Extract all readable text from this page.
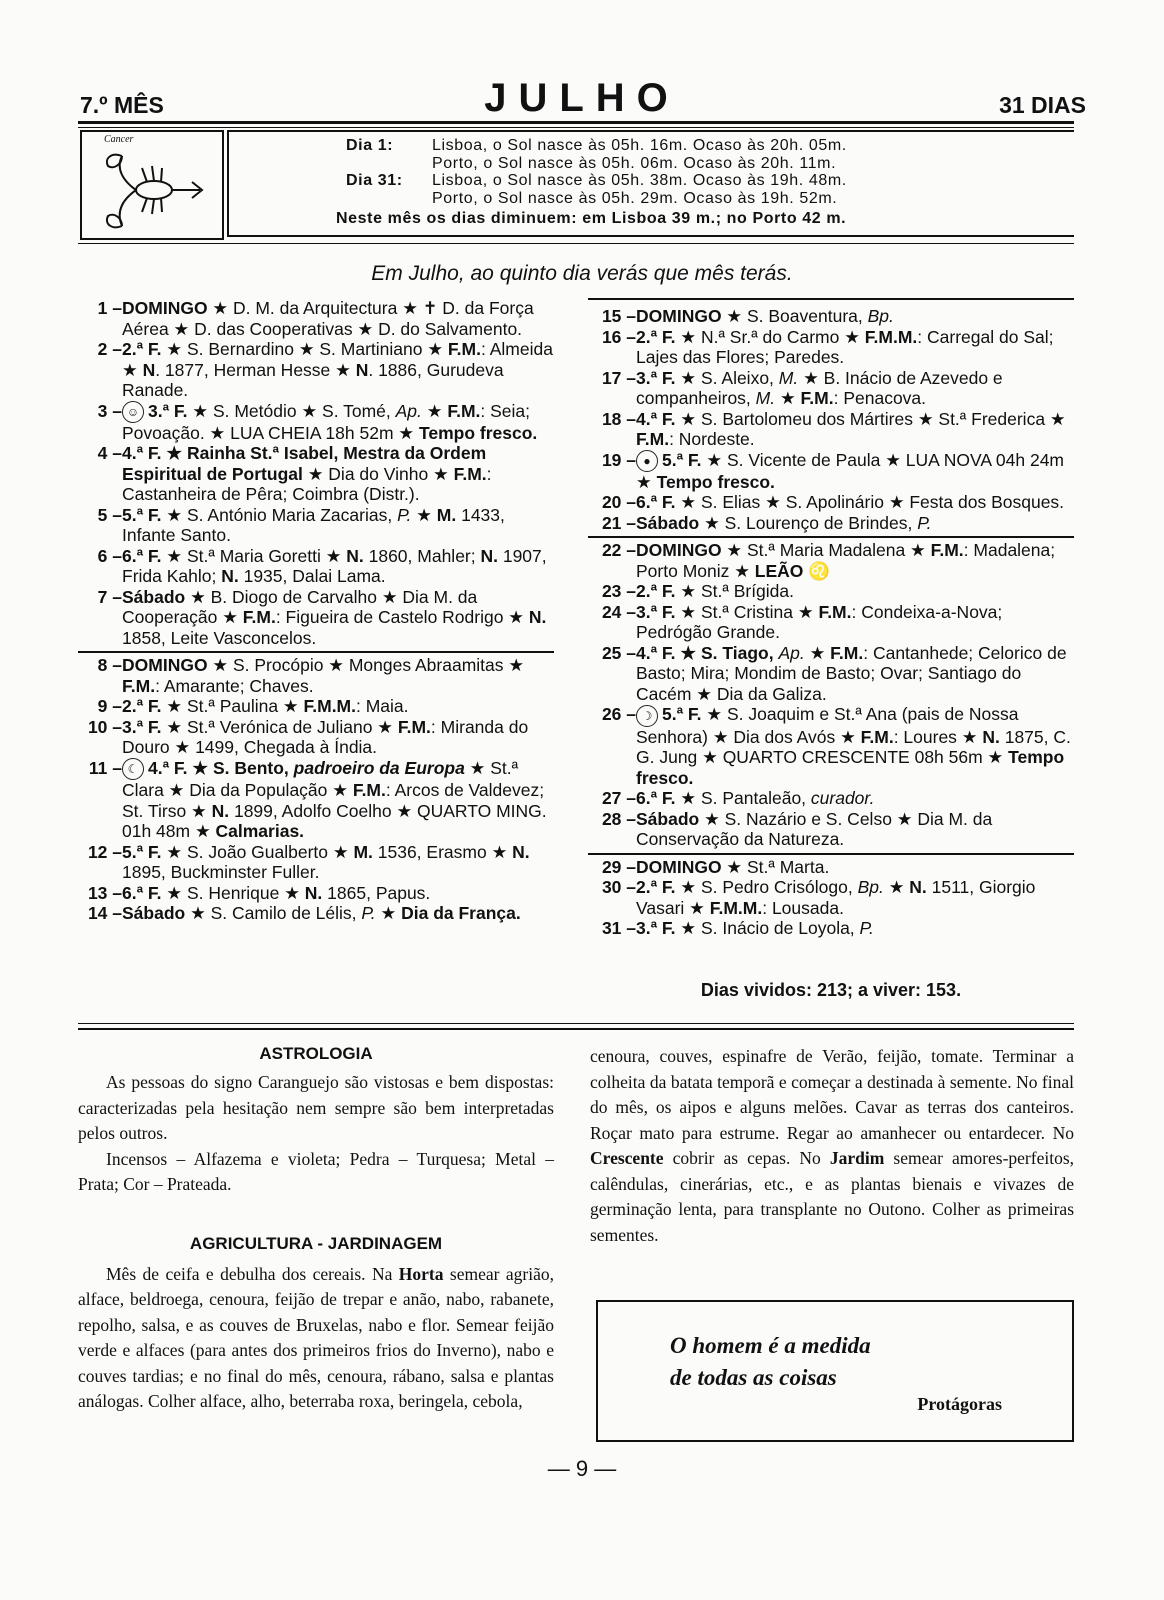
7.º MÊS	JULHO	31 DIAS
Cancer	Dia 1: Lisboa, o Sol nasce às 05h. 16m. Ocaso às 20h. 05m.
Porto, o Sol nasce às 05h. 06m. Ocaso às 20h. 11m.
Dia 31: Lisboa, o Sol nasce às 05h. 38m. Ocaso às 19h. 48m.
Porto, o Sol nasce às 05h. 29m. Ocaso às 19h. 52m.
Neste mês os dias diminuem: em Lisboa 39 m.; no Porto 42 m.
Em Julho, ao quinto dia verás que mês terás.
1 – DOMINGO ★ D. M. da Arquitectura ★ ✝ D. da Força Aérea ★ D. das Cooperativas ★ D. do Salvamento.
2 – 2.ª F. ★ S. Bernardino ★ S. Martiniano ★ F.M.: Almeida ★ N. 1877, Herman Hesse ★ N. 1886, Gurudeva Ranade.
3 – ☺ 3.ª F. ★ S. Metódio ★ S. Tomé, Ap. ★ F.M.: Seia; Povoação. ★ LUA CHEIA 18h 52m ★ Tempo fresco.
4 – 4.ª F. ★ Rainha St.ª Isabel, Mestra da Ordem Espiritual de Portugal ★ Dia do Vinho ★ F.M.: Castanheira de Pêra; Coimbra (Distr.).
5 – 5.ª F. ★ S. António Maria Zacarias, P. ★ M. 1433, Infante Santo.
6 – 6.ª F. ★ St.ª Maria Goretti ★ N. 1860, Mahler; N. 1907, Frida Kahlo; N. 1935, Dalai Lama.
7 – Sábado ★ B. Diogo de Carvalho ★ Dia M. da Cooperação ★ F.M.: Figueira de Castelo Rodrigo ★ N. 1858, Leite Vasconcelos.
8 – DOMINGO ★ S. Procópio ★ Monges Abraamitas ★ F.M.: Amarante; Chaves.
9 – 2.ª F. ★ St.ª Paulina ★ F.M.M.: Maia.
10 – 3.ª F. ★ St.ª Verónica de Juliano ★ F.M.: Miranda do Douro ★ 1499, Chegada à Índia.
11 – ☾ 4.ª F. ★ S. Bento, padroeiro da Europa ★ St.ª Clara ★ Dia da População ★ F.M.: Arcos de Valdevez; St. Tirso ★ N. 1899, Adolfo Coelho ★ QUARTO MING. 01h 48m ★ Calmarias.
12 – 5.ª F. ★ S. João Gualberto ★ M. 1536, Erasmo ★ N. 1895, Buckminster Fuller.
13 – 6.ª F. ★ S. Henrique ★ N. 1865, Papus.
14 – Sábado ★ S. Camilo de Lélis, P. ★ Dia da França.
15 – DOMINGO ★ S. Boaventura, Bp.
16 – 2.ª F. ★ N.ª Sr.ª do Carmo ★ F.M.M.: Carregal do Sal; Lajes das Flores; Paredes.
17 – 3.ª F. ★ S. Aleixo, M. ★ B. Inácio de Azevedo e companheiros, M. ★ F.M.: Penacova.
18 – 4.ª F. ★ S. Bartolomeu dos Mártires ★ St.ª Frederica ★ F.M.: Nordeste.
19 – ● 5.ª F. ★ S. Vicente de Paula ★ LUA NOVA 04h 24m ★ Tempo fresco.
20 – 6.ª F. ★ S. Elias ★ S. Apolinário ★ Festa dos Bosques.
21 – Sábado ★ S. Lourenço de Brindes, P.
22 – DOMINGO ★ St.ª Maria Madalena ★ F.M.: Madalena; Porto Moniz ★ LEÃO ♌
23 – 2.ª F. ★ St.ª Brígida.
24 – 3.ª F. ★ St.ª Cristina ★ F.M.: Condeixa-a-Nova; Pedrógão Grande.
25 – 4.ª F. ★ S. Tiago, Ap. ★ F.M.: Cantanhede; Celorico de Basto; Mira; Mondim de Basto; Ovar; Santiago do Cacém ★ Dia da Galiza.
26 – ☽ 5.ª F. ★ S. Joaquim e St.ª Ana (pais de Nossa Senhora) ★ Dia dos Avós ★ F.M.: Loures ★ N. 1875, C. G. Jung ★ QUARTO CRESCENTE 08h 56m ★ Tempo fresco.
27 – 6.ª F. ★ S. Pantaleão, curador.
28 – Sábado ★ S. Nazário e S. Celso ★ Dia M. da Conservação da Natureza.
29 – DOMINGO ★ St.ª Marta.
30 – 2.ª F. ★ S. Pedro Crisólogo, Bp. ★ N. 1511, Giorgio Vasari ★ F.M.M.: Lousada.
31 – 3.ª F. ★ S. Inácio de Loyola, P.
Dias vividos: 213; a viver: 153.
ASTROLOGIA
As pessoas do signo Caranguejo são vistosas e bem dispostas: caracterizadas pela hesitação nem sempre são bem interpretadas pelos outros.
Incensos – Alfazema e violeta; Pedra – Turquesa; Metal – Prata; Cor – Prateada.
AGRICULTURA - JARDINAGEM
Mês de ceifa e debulha dos cereais. Na Horta semear agrião, alface, beldroega, cenoura, feijão de trepar e anão, nabo, rabanete, repolho, salsa, e as couves de Bruxelas, nabo e flor. Semear feijão verde e alfaces (para antes dos primeiros frios do Inverno), nabo e couves tardias; e no final do mês, cenoura, rábano, salsa e plantas análogas. Colher alface, alho, beterraba roxa, beringela, cebola,
cenoura, couves, espinafre de Verão, feijão, tomate. Terminar a colheita da batata temporã e começar a destinada à semente. No final do mês, os aipos e alguns melões. Cavar as terras dos canteiros. Roçar mato para estrume. Regar ao amanhecer ou entardecer. No Crescente cobrir as cepas. No Jardim semear amores-perfeitos, calêndulas, cinerárias, etc., e as plantas bienais e vivazes de germinação lenta, para transplante no Outono. Colher as primeiras sementes.
O homem é a medida
de todas as coisas
Protágoras
— 9 —
